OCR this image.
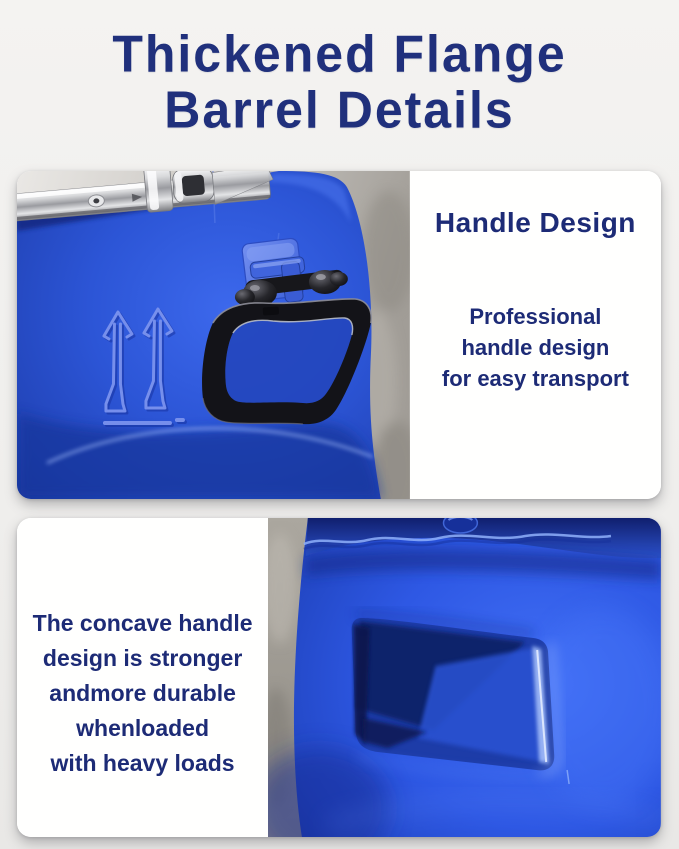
Thickened Flange
Barrel Details
Handle Design

Professional
handle design
for easy transport

The concave handle
design is stronger
andmore durable
whenloaded
with heavy loads
